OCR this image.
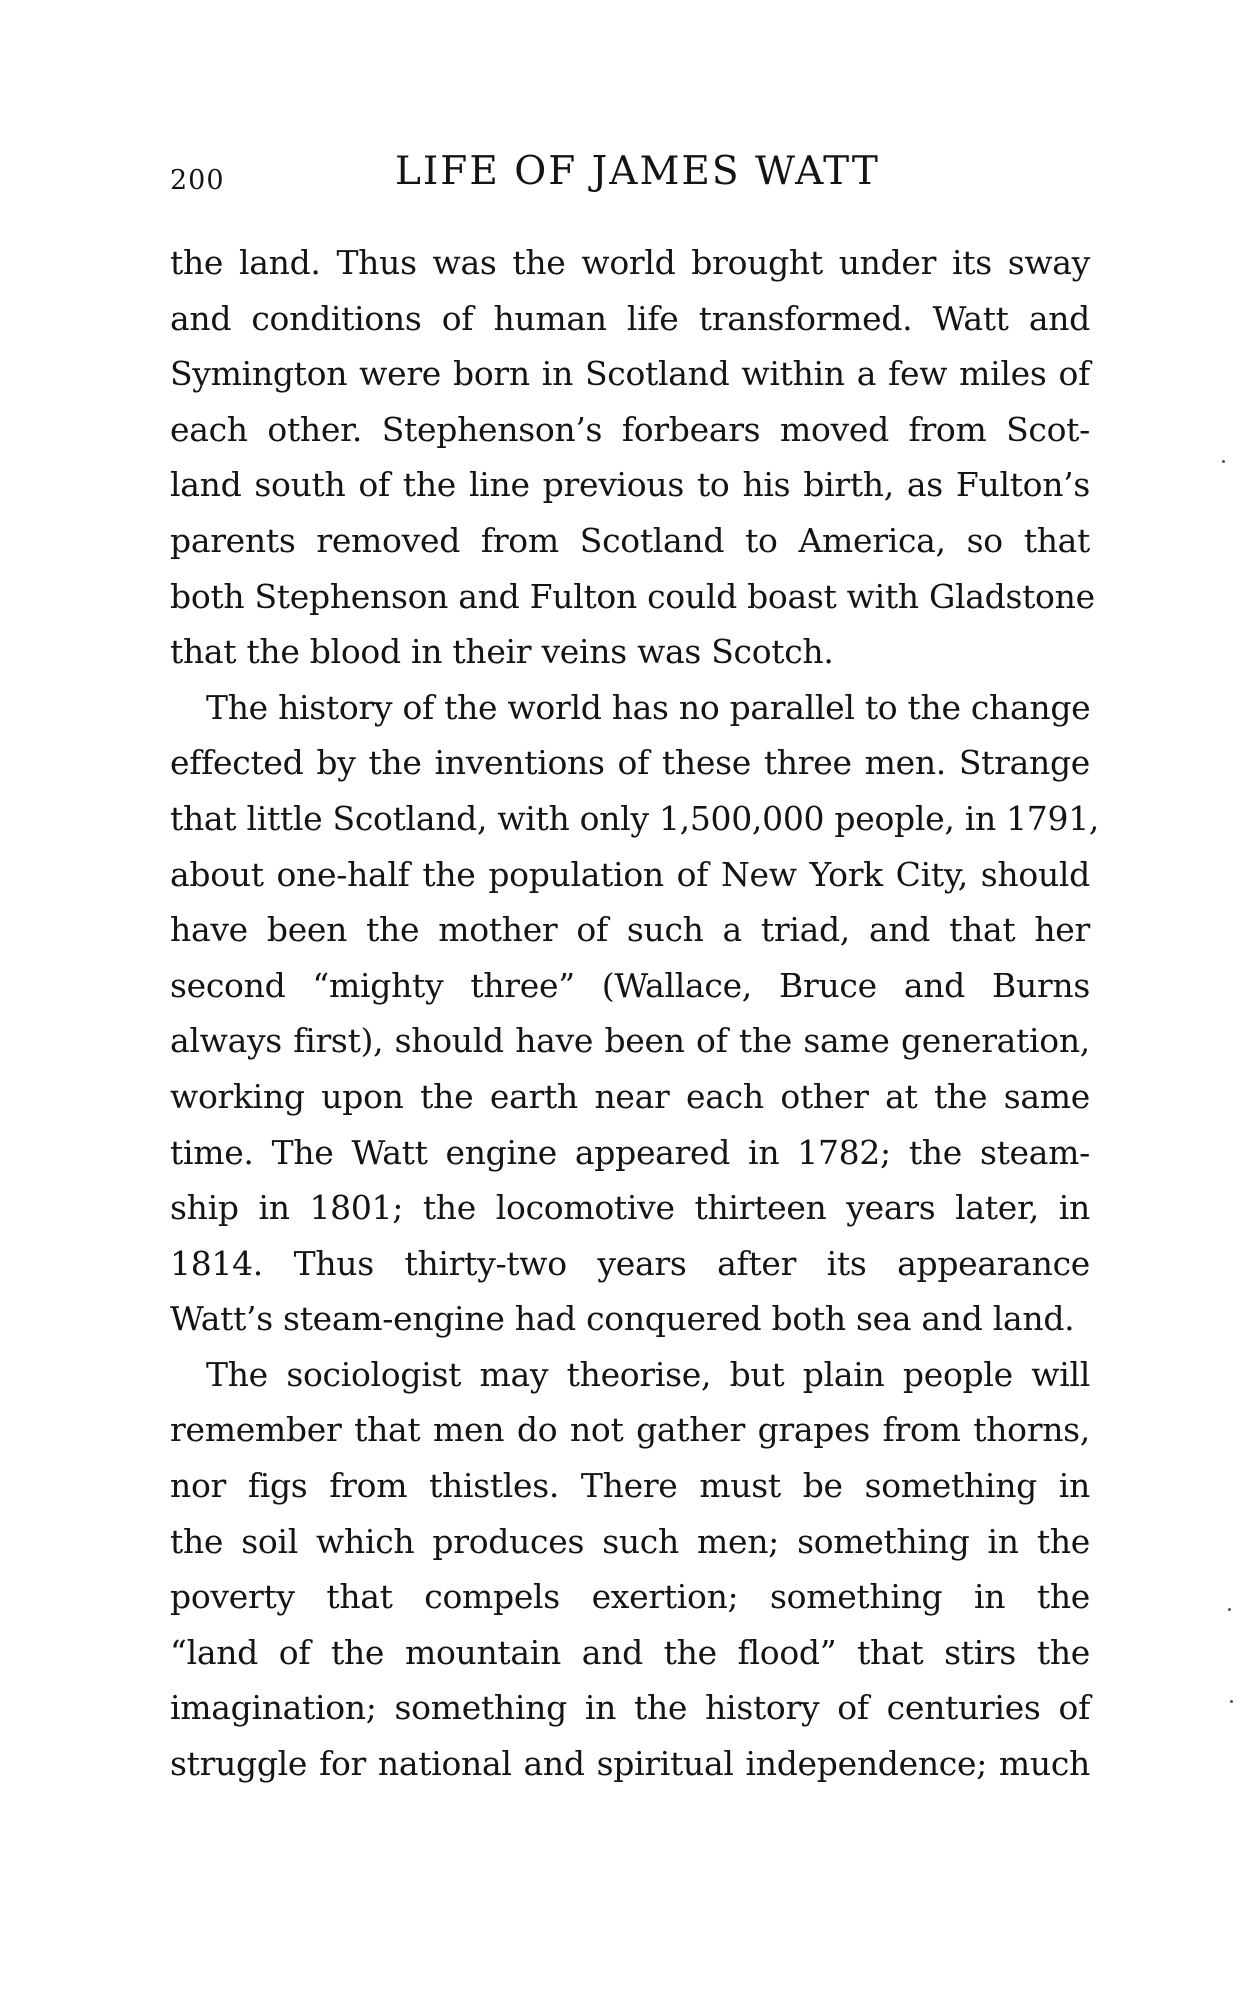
200	LIFE OF JAMES WATT

the land. Thus was the world brought under its sway
and conditions of human life transformed. Watt and
Symington were born in Scotland within a few miles of
each other. Stephenson’s forbears moved from Scot-
land south of the line previous to his birth, as Fulton’s
parents removed from Scotland to America, so that
both Stephenson and Fulton could boast with Gladstone
that the blood in their veins was Scotch.

The history of the world has no parallel to the change
effected by the inventions of these three men. Strange
that little Scotland, with only 1,500,000 people, in 1791,
about one-half the population of New York City, should
have been the mother of such a triad, and that her
second “mighty three” (Wallace, Bruce and Burns
always first), should have been of the same generation,
working upon the earth near each other at the same
time. The Watt engine appeared in 1782; the steam-
ship in 1801; the locomotive thirteen years later, in
1814. Thus thirty-two years after its appearance
Watt’s steam-engine had conquered both sea and land.

The sociologist may theorise, but plain people will
remember that men do not gather grapes from thorns,
nor figs from thistles. There must be something in
the soil which produces such men; something in the
poverty that compels exertion; something in the
“land of the mountain and the flood” that stirs the
imagination; something in the history of centuries of
struggle for national and spiritual independence; much
